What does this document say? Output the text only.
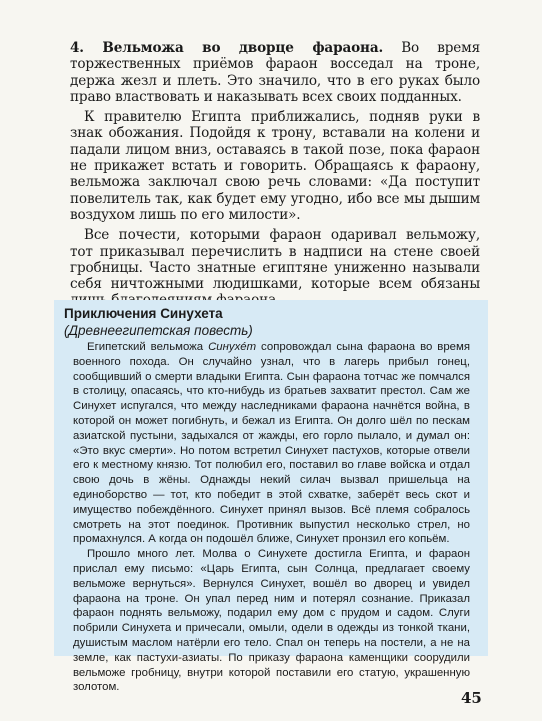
4. Вельможа во дворце фараона. Во время торжественных приёмов фараон восседал на троне, держа жезл и плеть. Это значило, что в его руках было право властвовать и наказывать всех своих подданных.

К правителю Египта приближались, подняв руки в знак обожания. Подойдя к трону, вставали на колени и падали лицом вниз, оставаясь в такой позе, пока фараон не прикажет встать и говорить. Обращаясь к фараону, вельможа заключал свою речь словами: «Да поступит повелитель так, как будет ему угодно, ибо все мы дышим воздухом лишь по его милости».

Все почести, которыми фараон одаривал вельможу, тот приказывал перечислить в надписи на стене своей гробницы. Часто знатные египтяне униженно называли себя ничтожными людишками, которые всем обязаны

Приключения Синухета
(Древнеегипетская повесть)

Египетский вельможа Синухéт сопровождал сына фараона во время военного похода. Он случайно узнал, что в лагерь прибыл гонец, сообщивший о смерти владыки Египта. Сын фараона тотчас же помчался в столицу, опасаясь, что кто-нибудь из братьев захватит престол. Сам же Синухет испугался, что между наследниками фараона начнётся война, в которой он может погибнуть, и бежал из Египта. Он долго шёл по пескам азиатской пустыни, задыхался от жажды, его горло пылало, и думал он: «Это вкус смерти». Но потом встретил Синухет пастухов, которые отвели его к местному князю. Тот полюбил его, поставил во главе войска и отдал свою дочь в жёны. Однажды некий силач вызвал пришельца на единоборство — тот, кто победит в этой схватке, заберёт весь скот и имущество побеждённого. Синухет принял вызов. Всё племя собралось смотреть на этот поединок. Противник выпустил несколько стрел, но промахнулся. А когда он подошёл ближе, Синухет пронзил его копьём.

Прошло много лет. Молва о Синухете достигла Египта, и фараон прислал ему письмо: «Царь Египта, сын Солнца, предлагает своему вельможе вернуться». Вернулся Синухет, вошёл во дворец и увидел фараона на троне. Он упал перед ним и потерял сознание. Приказал фараон поднять вельможу, подарил ему дом с прудом и садом. Слуги побрили Синухета и причесали, омыли, одели в одежды из тонкой ткани, душистым маслом натёрли его тело. Спал он теперь на постели, а не на земле, как пастухи-азиаты. По приказу фараона каменщики соорудили вельможе гробницу, внутри которой поставили его статую, украшенную золотом.

45
